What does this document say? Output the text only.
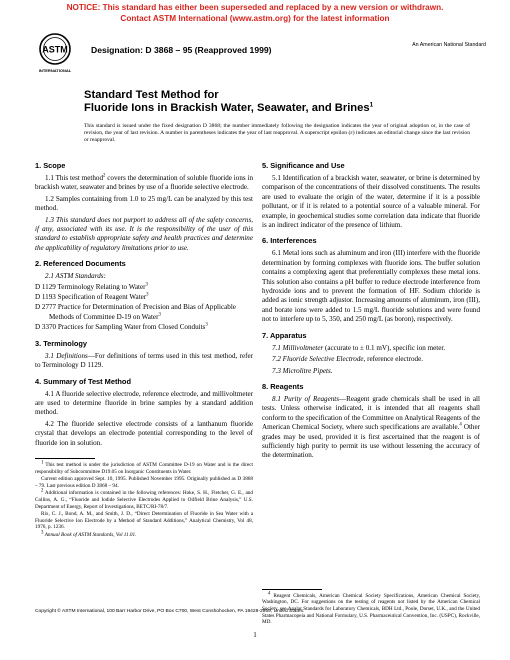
NOTICE: This standard has either been superseded and replaced by a new version or withdrawn.
Contact ASTM International (www.astm.org) for the latest information
ASTM
INTERNATIONAL
Designation: D 3868 – 95 (Reapproved 1999)	An American National Standard
Standard Test Method for
Fluoride Ions in Brackish Water, Seawater, and Brines$^1$
This standard is issued under the fixed designation D 3868; the number immediately following the designation indicates the year of original adoption or, in the case of revision, the year of last revision. A number in parentheses indicates the year of last reapproval. A superscript epsilon (ε) indicates an editorial change since the last revision or reapproval.
1. Scope

1.1 This test method$^2$ covers the determination of soluble fluoride ions in brackish water, seawater and brines by use of a fluoride selective electrode.

1.2 Samples containing from 1.0 to 25 mg/L can be analyzed by this test method.

1.3 This standard does not purport to address all of the safety concerns, if any, associated with its use. It is the responsibility of the user of this standard to establish appropriate safety and health practices and determine the applicability of regulatory limitations prior to use.

2. Referenced Documents

2.1 ASTM Standards:

D 1129 Terminology Relating to Water$^3$

D 1193 Specification of Reagent Water$^3$

D 2777 Practice for Determination of Precision and Bias of Applicable Methods of Committee D-19 on Water$^3$

D 3370 Practices for Sampling Water from Closed Conduits$^3$

3. Terminology

3.1 Definitions—For definitions of terms used in this test method, refer to Terminology D 1129.

4. Summary of Test Method

4.1 A fluoride selective electrode, reference electrode, and millivoltmeter are used to determine fluoride in brine samples by a standard addition method.

4.2 The fluoride selective electrode consists of a lanthanum fluoride crystal that develops an electrode potential corresponding to the level of fluoride ion in solution.

$^1$ This test method is under the jurisdiction of ASTM Committee D-19 on Water and is the direct responsibility of Subcommittee D19.05 on Inorganic Constituents in Water.

Current edition approved Sept. 10, 1995. Published November 1995. Originally published as D 3868 – 79. Last previous edition D 3868 – 94.

$^2$ Additional information is contained in the following references: Hoke, S. H., Fletcher, G. E., and Collins, A. G., “Fluoride and Iodide Selective Electrodes Applied to Oilfield Brine Analysis,” U.S. Department of Energy, Report of Investigations, BETC/RI-78/7.

Rix, C. J., Bond, A. M., and Smith, J. D., “Direct Determination of Fluoride in Sea Water with a Fluoride Selective Ion Electrode by a Method of Standard Additions,” Analytical Chemistry, Vol 48, 1976, p. 1236.

$^3$ Annual Book of ASTM Standards, Vol 11.01.

5. Significance and Use

5.1 Identification of a brackish water, seawater, or brine is determined by comparison of the concentrations of their dissolved constituents. The results are used to evaluate the origin of the water, determine if it is a possible pollutant, or if it is related to a potential source of a valuable mineral. For example, in geochemical studies some correlation data indicate that fluoride is an indirect indicator of the presence of lithium.

6. Interferences

6.1 Metal ions such as aluminum and iron (III) interfere with the fluoride determination by forming complexes with fluoride ions. The buffer solution contains a complexing agent that preferentially complexes these metal ions. This solution also contains a pH buffer to reduce electrode interference from hydroxide ions and to prevent the formation of HF. Sodium chloride is added as ionic strength adjustor. Increasing amounts of aluminum, iron (III), and borate ions were added to 1.5 mg/L fluoride solutions and were found not to interfere up to 5, 350, and 250 mg/L (as boron), respectively.

7. Apparatus

7.1 Millivoltmeter (accurate to ± 0.1 mV), specific ion meter.

7.2 Fluoride Selective Electrode, reference electrode.

7.3 Microlitre Pipets.

8. Reagents

8.1 Purity of Reagents—Reagent grade chemicals shall be used in all tests. Unless otherwise indicated, it is intended that all reagents shall conform to the specification of the Committee on Analytical Reagents of the American Chemical Society, where such specifications are available.$^4$ Other grades may be used, provided it is first ascertained that the reagent is of sufficiently high purity to permit its use without lessening the accuracy of the determination.

$^4$ Reagent Chemicals, American Chemical Society Specifications, American Chemical Society, Washington, DC. For suggestions on the testing of reagents not listed by the American Chemical Society, see Analar Standards for Laboratory Chemicals, BDH Ltd., Poole, Dorset, U.K., and the United States Pharmacopeia and National Formulary, U.S. Pharmaceutical Convention, Inc. (USPC), Rockville, MD.

Copyright © ASTM International, 100 Barr Harbor Drive, PO Box C700, West Conshohocken, PA 19428-2959, United States.
1
